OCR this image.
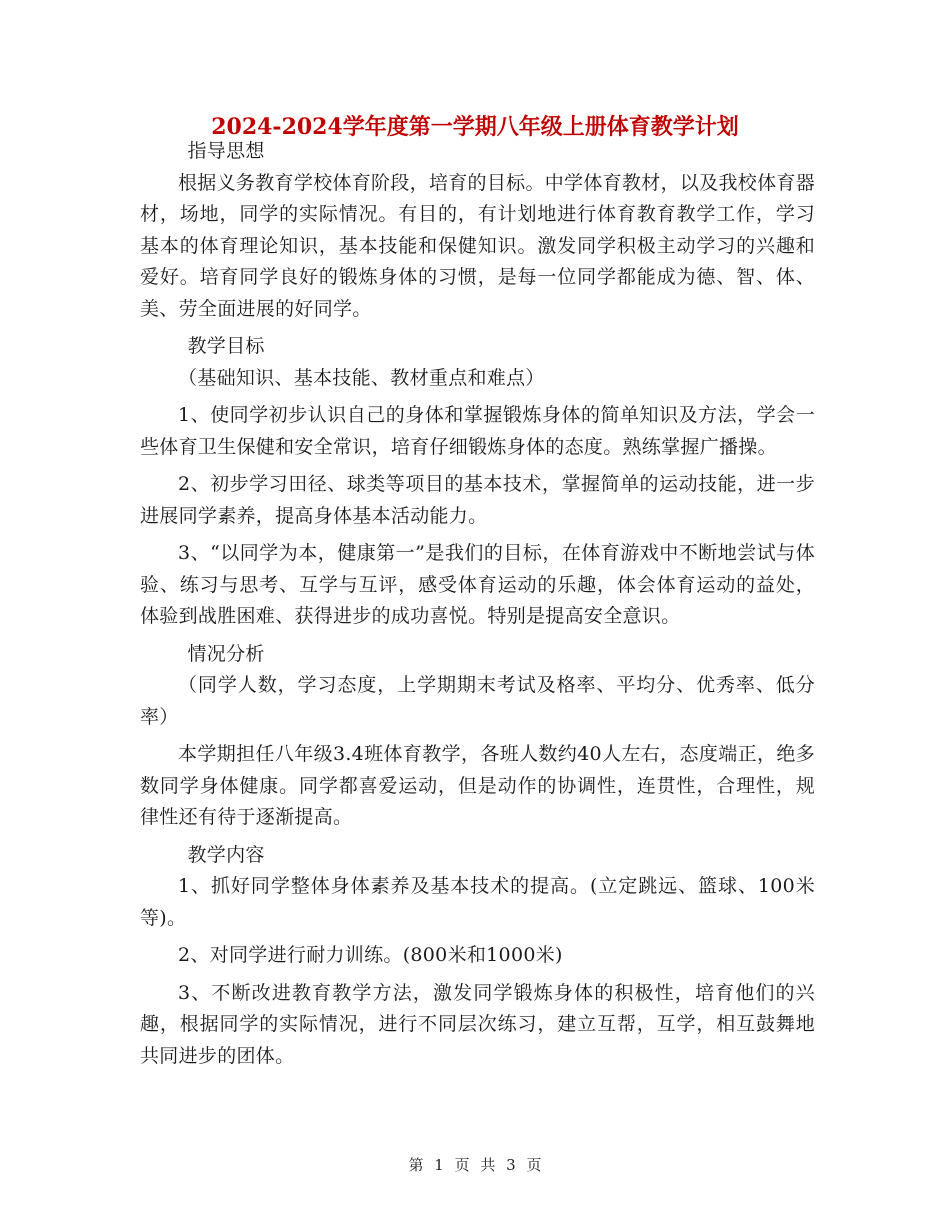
2024-2024学年度第一学期八年级上册体育教学计划

指导思想

根据义务教育学校体育阶段，培育的目标。中学体育教材，以及我校体育器材，场地，同学的实际情况。有目的，有计划地进行体育教育教学工作，学习基本的体育理论知识，基本技能和保健知识。激发同学积极主动学习的兴趣和爱好。培育同学良好的锻炼身体的习惯，是每一位同学都能成为德、智、体、美、劳全面进展的好同学。

教学目标

（基础知识、基本技能、教材重点和难点）

1、使同学初步认识自己的身体和掌握锻炼身体的简单知识及方法，学会一些体育卫生保健和安全常识，培育仔细锻炼身体的态度。熟练掌握广播操。

2、初步学习田径、球类等项目的基本技术，掌握简单的运动技能，进一步进展同学素养，提高身体基本活动能力。

3、“以同学为本，健康第一”是我们的目标，在体育游戏中不断地尝试与体验、练习与思考、互学与互评，感受体育运动的乐趣，体会体育运动的益处，体验到战胜困难、获得进步的成功喜悦。特别是提高安全意识。

情况分析

（同学人数，学习态度，上学期期末考试及格率、平均分、优秀率、低分率）

本学期担任八年级3.4班体育教学，各班人数约40人左右，态度端正，绝多数同学身体健康。同学都喜爱运动，但是动作的协调性，连贯性，合理性，规律性还有待于逐渐提高。

教学内容

1、抓好同学整体身体素养及基本技术的提高。(立定跳远、篮球、100米等)。

2、对同学进行耐力训练。(800米和1000米)

3、不断改进教育教学方法，激发同学锻炼身体的积极性，培育他们的兴趣，根据同学的实际情况，进行不同层次练习，建立互帮，互学，相互鼓舞地共同进步的团体。

第 1 页 共 3 页
